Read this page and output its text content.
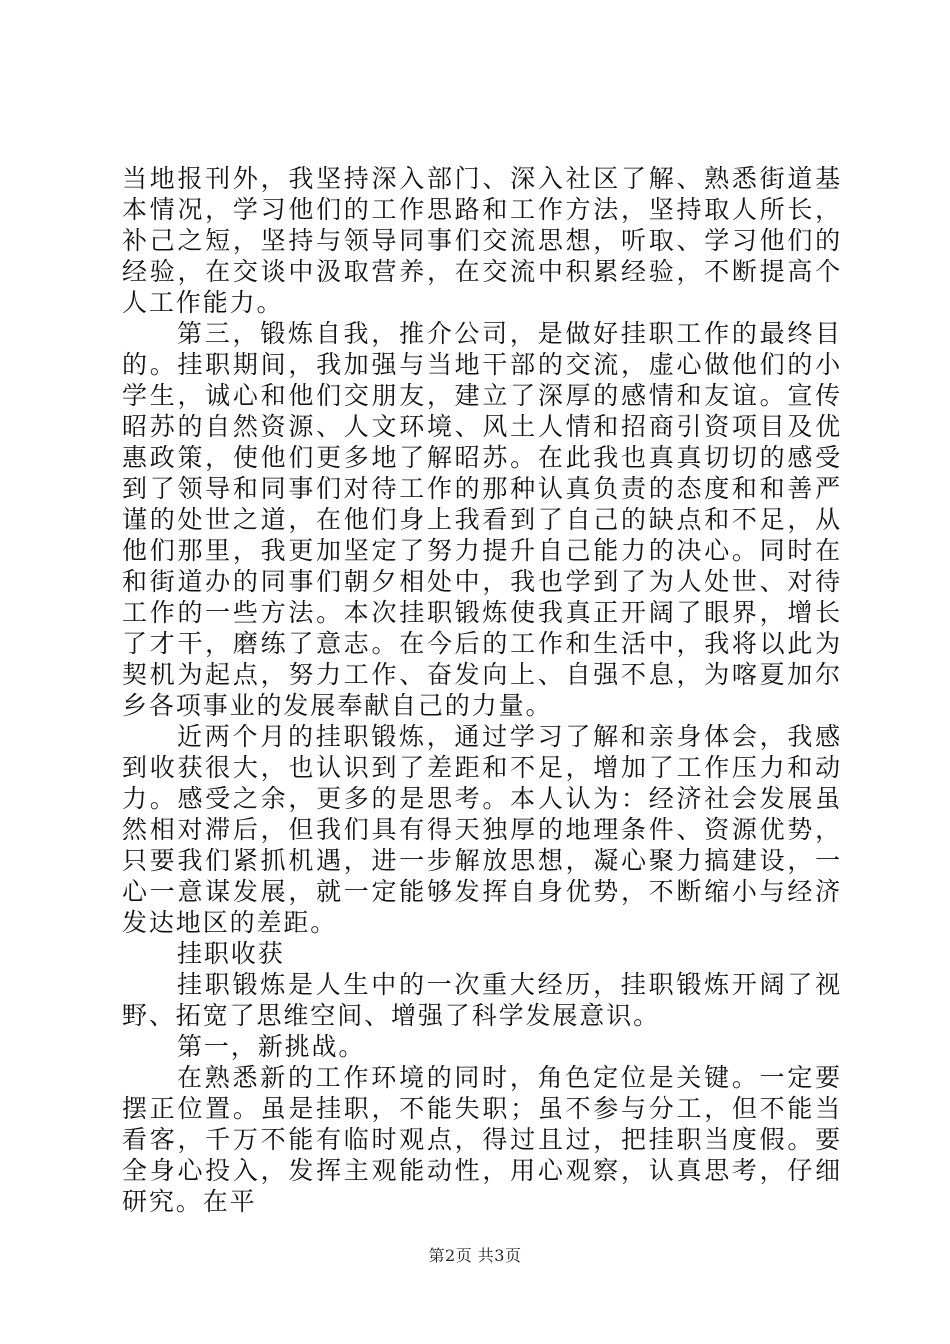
当地报刊外，我坚持深入部门、深入社区了解、熟悉街道基本情况，学习他们的工作思路和工作方法，坚持取人所长，补己之短，坚持与领导同事们交流思想，听取、学习他们的经验，在交谈中汲取营养，在交流中积累经验，不断提高个人工作能力。

第三，锻炼自我，推介公司，是做好挂职工作的最终目的。挂职期间，我加强与当地干部的交流，虚心做他们的小学生，诚心和他们交朋友，建立了深厚的感情和友谊。宣传昭苏的自然资源、人文环境、风土人情和招商引资项目及优惠政策，使他们更多地了解昭苏。在此我也真真切切的感受到了领导和同事们对待工作的那种认真负责的态度和和善严谨的处世之道，在他们身上我看到了自己的缺点和不足，从他们那里，我更加坚定了努力提升自己能力的决心。同时在和街道办的同事们朝夕相处中，我也学到了为人处世、对待工作的一些方法。本次挂职锻炼使我真正开阔了眼界，增长了才干，磨练了意志。在今后的工作和生活中，我将以此为契机为起点，努力工作、奋发向上、自强不息，为喀夏加尔乡各项事业的发展奉献自己的力量。

近两个月的挂职锻炼，通过学习了解和亲身体会，我感到收获很大，也认识到了差距和不足，增加了工作压力和动力。感受之余，更多的是思考。本人认为：经济社会发展虽然相对滞后，但我们具有得天独厚的地理条件、资源优势，只要我们紧抓机遇，进一步解放思想，凝心聚力搞建设，一心一意谋发展，就一定能够发挥自身优势，不断缩小与经济发达地区的差距。

挂职收获

挂职锻炼是人生中的一次重大经历，挂职锻炼开阔了视野、拓宽了思维空间、增强了科学发展意识。

第一，新挑战。

在熟悉新的工作环境的同时，角色定位是关键。一定要摆正位置。虽是挂职，不能失职；虽不参与分工，但不能当看客，千万不能有临时观点，得过且过，把挂职当度假。要全身心投入，发挥主观能动性，用心观察，认真思考，仔细研究。在平

第2页 共3页
